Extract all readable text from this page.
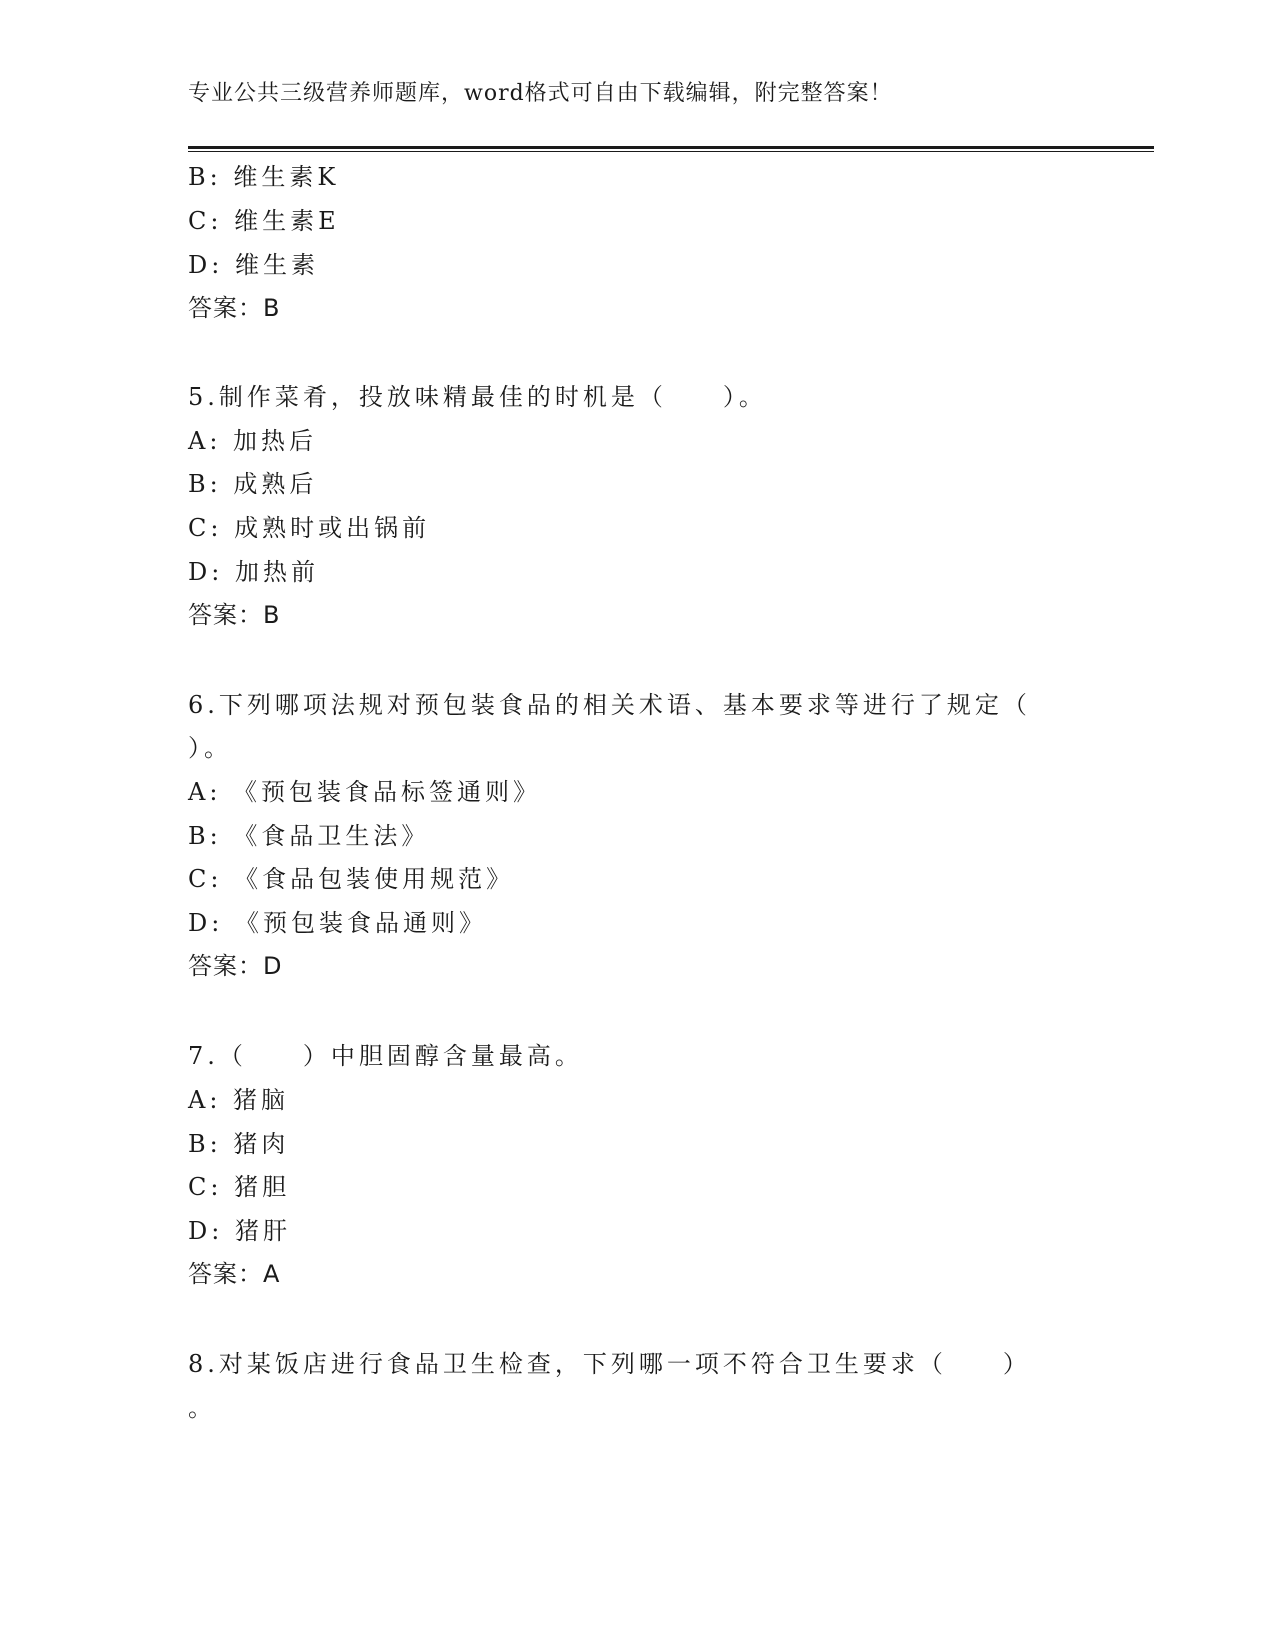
专业公共三级营养师题库，word格式可自由下载编辑，附完整答案！
B: 维生素K
C: 维生素E
D: 维生素
答案：B
5.制作菜肴，投放味精最佳的时机是（　　）。
A: 加热后
B: 成熟后
C: 成熟时或出锅前
D: 加热前
答案：B
6.下列哪项法规对预包装食品的相关术语、基本要求等进行了规定（
）。
A: 《预包装食品标签通则》
B: 《食品卫生法》
C: 《食品包装使用规范》
D: 《预包装食品通则》
答案：D
7.（　　）中胆固醇含量最高。
A: 猪脑
B: 猪肉
C: 猪胆
D: 猪肝
答案：A
8.对某饭店进行食品卫生检查，下列哪一项不符合卫生要求（　　）
。
